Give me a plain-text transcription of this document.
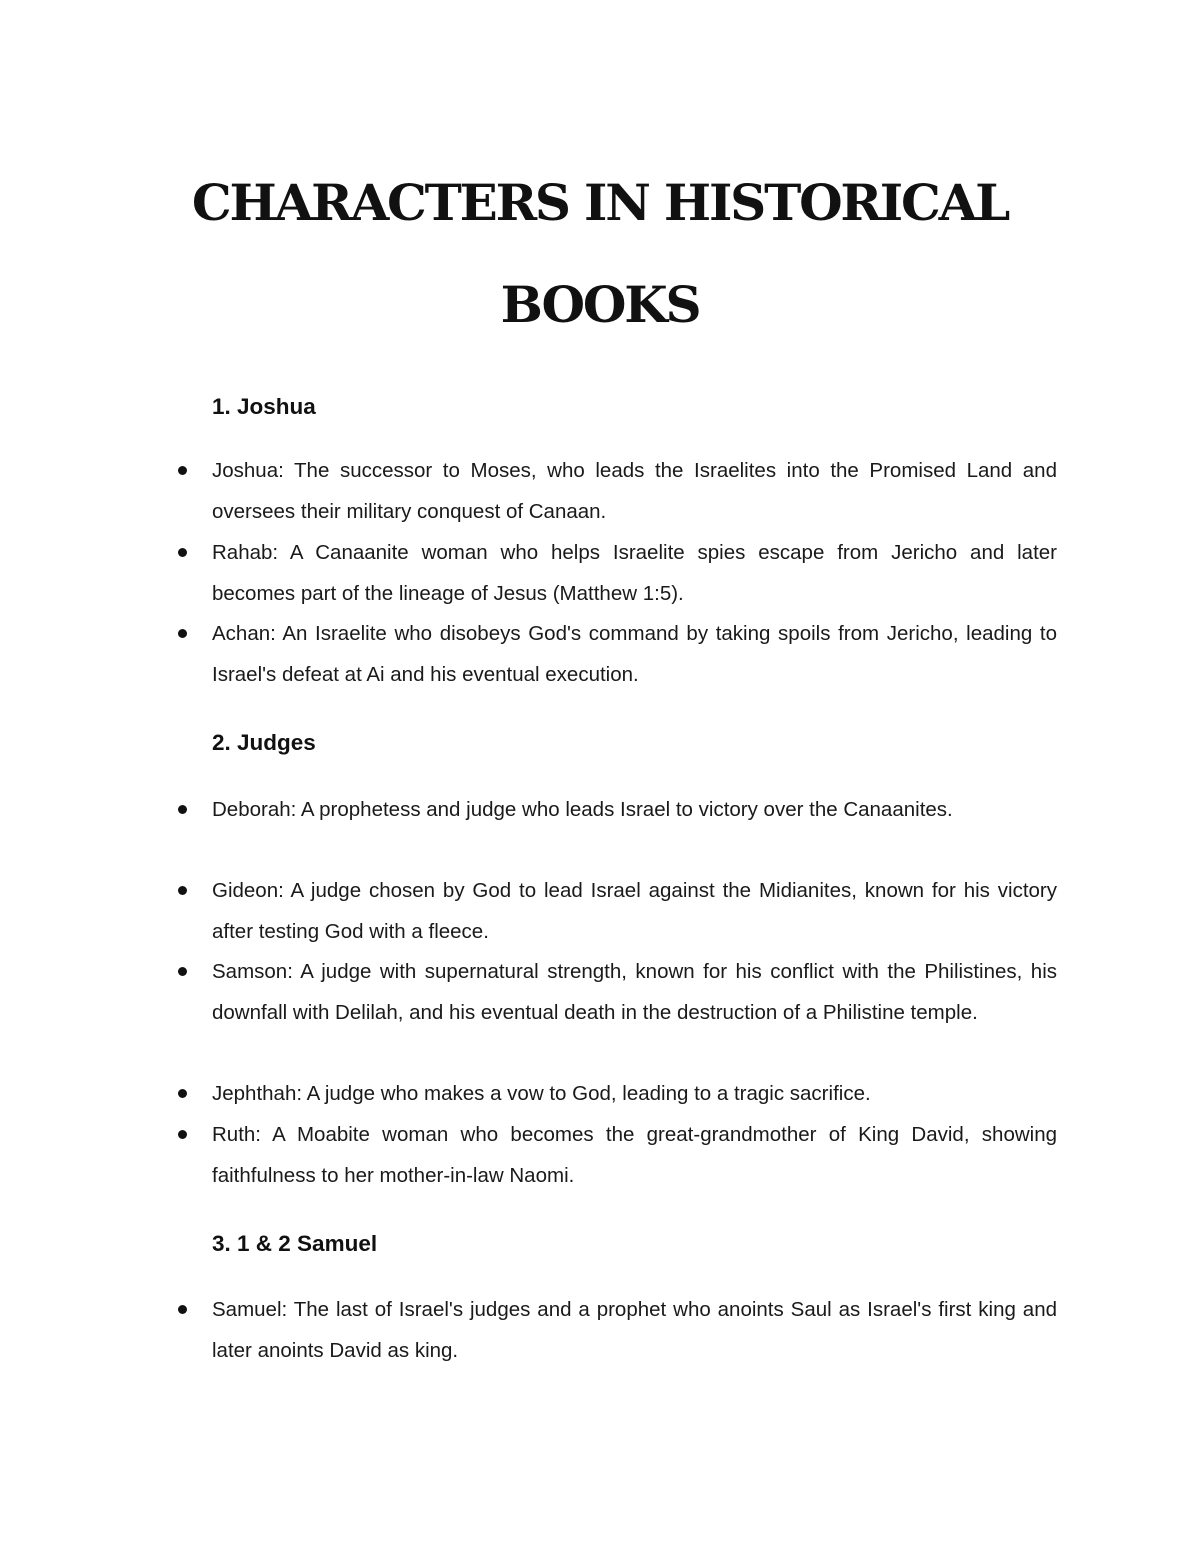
CHARACTERS IN HISTORICAL
BOOKS
1. Joshua

Joshua: The successor to Moses, who leads the Israelites into the Promised Land and oversees their military conquest of Canaan.

Rahab: A Canaanite woman who helps Israelite spies escape from Jericho and later becomes part of the lineage of Jesus (Matthew 1:5).

Achan: An Israelite who disobeys God's command by taking spoils from Jericho, leading to Israel's defeat at Ai and his eventual execution.

2. Judges

Deborah: A prophetess and judge who leads Israel to victory over the Canaanites.

Gideon: A judge chosen by God to lead Israel against the Midianites, known for his victory after testing God with a fleece.

Samson: A judge with supernatural strength, known for his conflict with the Philistines, his downfall with Delilah, and his eventual death in the destruction of a Philistine temple.

Jephthah: A judge who makes a vow to God, leading to a tragic sacrifice.

Ruth: A Moabite woman who becomes the great-grandmother of King David, showing faithfulness to her mother-in-law Naomi.

3. 1 & 2 Samuel

Samuel: The last of Israel's judges and a prophet who anoints Saul as Israel's first king and later anoints David as king.
